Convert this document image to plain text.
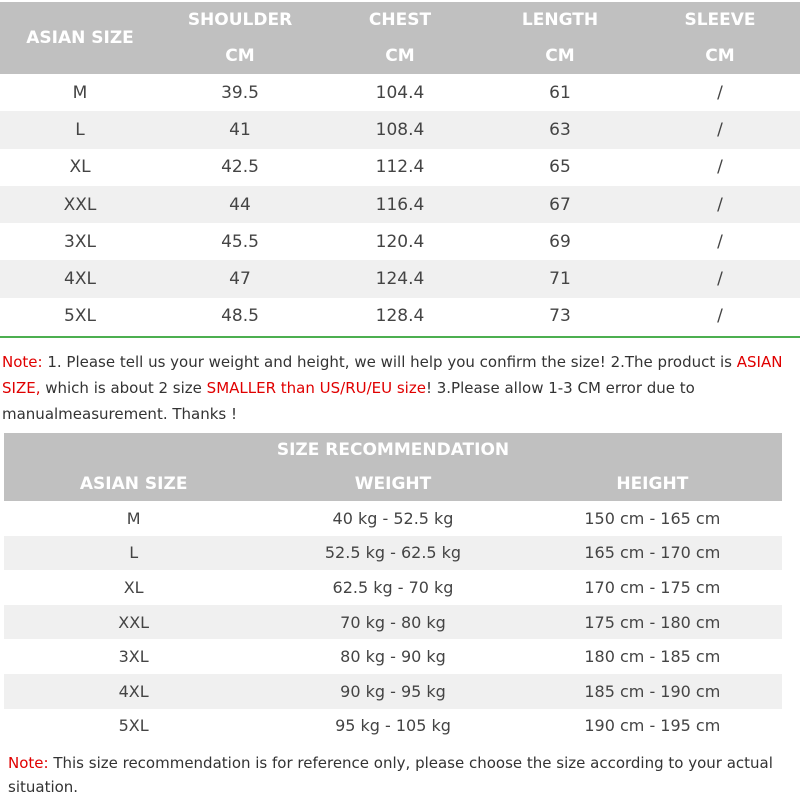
ASIAN SIZE	SHOULDER	CHEST	LENGTH	SLEEVE
	CM	CM	CM	CM
M	39.5	104.4	61	/
L	41	108.4	63	/
XL	42.5	112.4	65	/
XXL	44	116.4	67	/
3XL	45.5	120.4	69	/
4XL	47	124.4	71	/
5XL	48.5	128.4	73	/
Note: 1. Please tell us your weight and height, we will help you confirm the size! 2.The product is ASIAN SIZE, which is about 2 size SMALLER than US/RU/EU size! 3.Please allow 1-3 CM error due to manualmeasurement. Thanks !
SIZE RECOMMENDATION		
ASIAN SIZE	WEIGHT	HEIGHT
M	40 kg - 52.5 kg	150 cm - 165 cm
L	52.5 kg - 62.5 kg	165 cm - 170 cm
XL	62.5 kg - 70 kg	170 cm - 175 cm
XXL	70 kg - 80 kg	175 cm - 180 cm
3XL	80 kg - 90 kg	180 cm - 185 cm
4XL	90 kg - 95 kg	185 cm - 190 cm
5XL	95 kg - 105 kg	190 cm - 195 cm
Note: This size recommendation is for reference only, please choose the size according to your actual situation.
